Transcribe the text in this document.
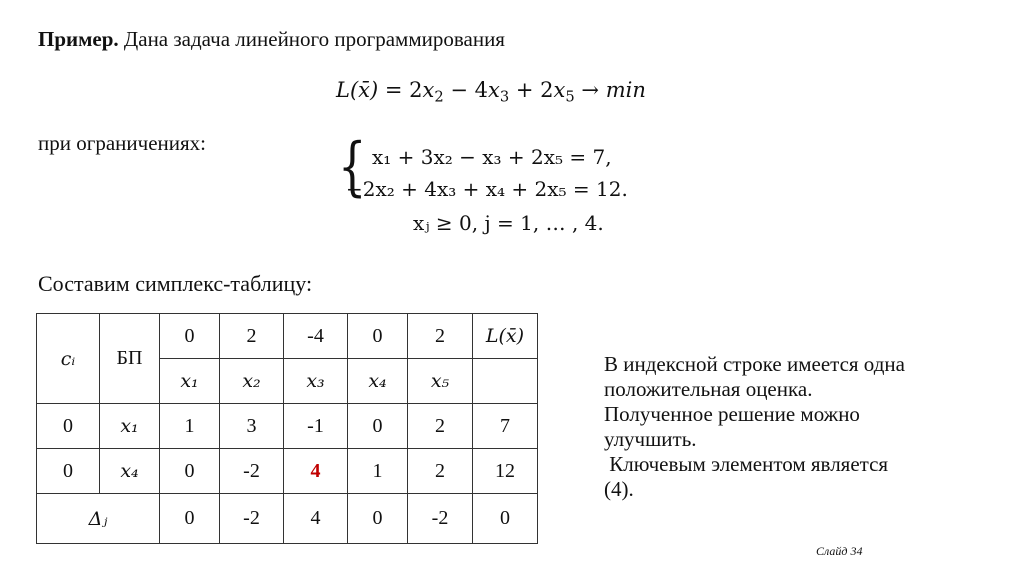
Пример. Дана задача линейного программирования
L(x̄) = $2x_2 - 4x_3 + 2x_5 \to \min$
при ограничениях: { x₁ + 3x₂ − x₃ + 2x₅ = 7,
−2x₂ + 4x₃ + x₄ + 2x₅ = 12.
xⱼ ≥ 0, j = 1, … , 4.
Составим симплекс-таблицу:
cᵢ	БП	0	2	-4	0	2	L(x̄)
		x₁	x₂	x₃	x₄	x₅	
0	x₁	1	3	-1	0	2	7
0	x₄	0	-2	4	1	2	12
Δⱼ		0	-2	4	0	-2	0
В индексной строке имеется одна
положительная оценка.
Полученное решение можно
улучшить.
Ключевым элементом является
(4).
Слайд 34
